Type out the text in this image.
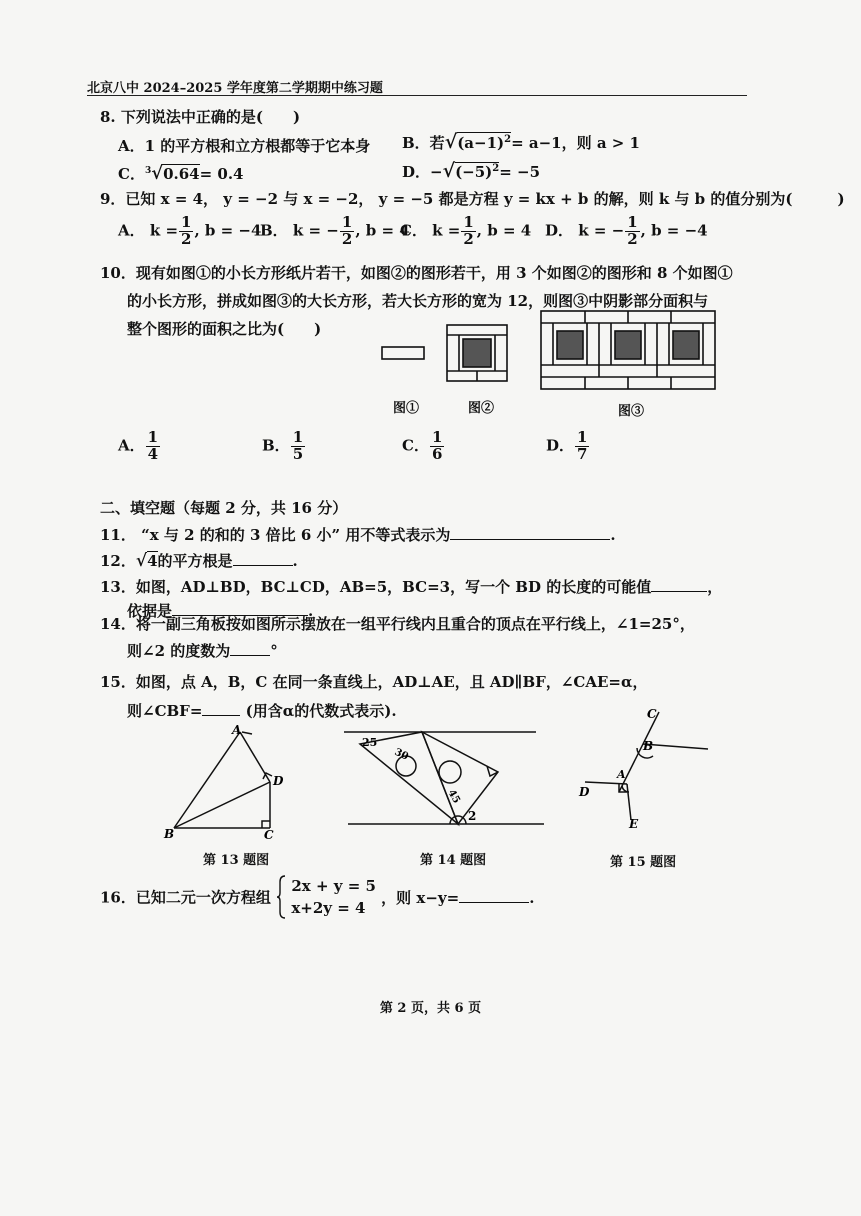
北京八中 2024–2025 学年度第二学期期中练习题
8. 下列说法中正确的是(　　)
A．1 的平方根和立方根都等于它本身 B．若$√(a-1)^2= a-1$，则 a > 1
C．$^3$√0.64= 0.4	D．$-√(-5)^2= -5$
9．已知 x = 4， y = −2 与 x = −2， y = −5 都是方程 y = kx + b 的解，则 k 与 b 的值分别为(　　　)
A． $k = \frac{1}{2}$ , b = −4
B． k = − $\frac{1}{2}$ , b = 4
C． $k = \frac{1}{2}$ , b = 4 D． k = − $\frac{1}{2}$ , b = −4
10．现有如图①的小长方形纸片若干，如图②的图形若干，用 3 个如图②的图形和 8 个如图①
的小长方形，拼成如图③的大长方形，若大长方形的宽为 12，则图③中阴影部分面积与
整个图形的面积之比为(　　)
图①	图②	图③
A． $\frac{1}{4}$	B． $\frac{1}{5}$	C． $\frac{1}{6}$	D． $\frac{1}{7}$
二、填空题（每题 2 分，共 16 分）
11． “x 与 2 的和的 3 倍比 6 小” 用不等式表示为	.
12．√4的平方根是	.
13．如图，AD⊥BD，BC⊥CD，AB=5，BC=3，写一个 BD 的长度的可能值	，
依据是	.
14．将一副三角板按如图所示摆放在一组平行线内且重合的顶点在平行线上，∠1=25°，
则∠2 的度数为	°
15．如图，点 A，B，C 在同一条直线上，AD⊥AE，且 AD∥BF，∠CAE=α，
则∠CBF=	(用含α的代数式表示).
A
B	C
D
第 13 题图
25
30
45
2
第 14 题图
C
B
A
D
E
第 15 题图
16．已知二元一次方程组
2x + y = 5
x+2y = 4
，则 x−y=	.
第 2 页，共 6 页
